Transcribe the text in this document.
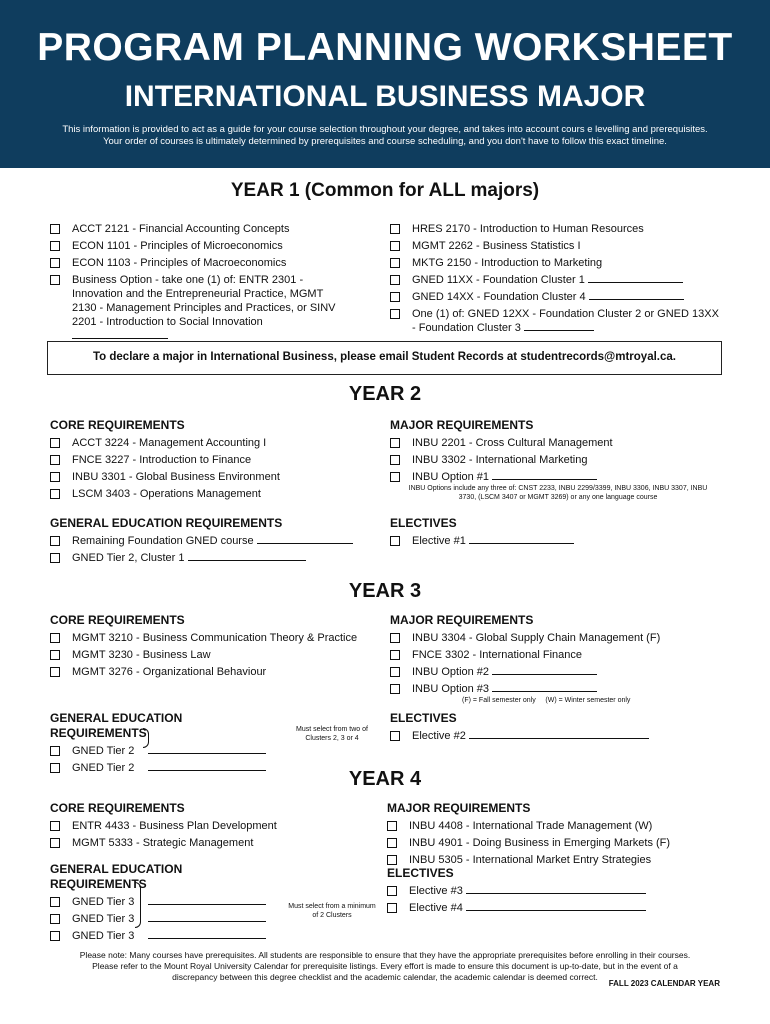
PROGRAM PLANNING WORKSHEET
INTERNATIONAL BUSINESS MAJOR
This information is provided to act as a guide for your course selection throughout your degree, and takes into account cours e levelling and prerequisites.
Your order of courses is ultimately determined by prerequisites and course scheduling, and you don't have to follow this exact timeline.
YEAR 1 (Common for ALL majors)
ACCT 2121 - Financial Accounting Concepts
ECON 1101 - Principles of Microeconomics
ECON 1103 - Principles of Macroeconomics
Business Option - take one (1) of: ENTR 2301 - Innovation and the Entrepreneurial Practice, MGMT 2130 - Management Principles and Practices, or SINV 2201 - Introduction to Social Innovation
HRES 2170 - Introduction to Human Resources
MGMT 2262 - Business Statistics I
MKTG 2150 - Introduction to Marketing
GNED 11XX - Foundation Cluster 1
GNED 14XX - Foundation Cluster 4
One (1) of: GNED 12XX - Foundation Cluster 2 or GNED 13XX - Foundation Cluster 3
To declare a major in International Business, please email Student Records at studentrecords@mtroyal.ca.
YEAR 2
CORE REQUIREMENTS
ACCT 3224 - Management Accounting I
FNCE 3227 - Introduction to Finance
INBU 3301 - Global Business Environment
LSCM 3403 - Operations Management
MAJOR REQUIREMENTS
INBU 2201 - Cross Cultural Management
INBU 3302 - International Marketing
INBU Option #1
INBU Options include any three of: CNST 2233, INBU 2299/3399, INBU 3306, INBU 3307, INBU 3730, (LSCM 3407 or MGMT 3269) or any one language course
GENERAL EDUCATION REQUIREMENTS
Remaining Foundation GNED course
GNED Tier 2, Cluster 1
ELECTIVES
Elective #1
YEAR 3
CORE REQUIREMENTS
MGMT 3210 - Business Communication Theory & Practice
MGMT 3230 - Business Law
MGMT 3276 - Organizational Behaviour
MAJOR REQUIREMENTS
INBU 3304 - Global Supply Chain Management (F)
FNCE 3302 - International Finance
INBU Option #2
INBU Option #3
(F) = Fall semester only     (W) = Winter semester only
GENERAL EDUCATION REQUIREMENTS
GNED Tier 2
GNED Tier 2
Must select from two of Clusters 2, 3 or 4
ELECTIVES
Elective #2
YEAR 4
CORE REQUIREMENTS
ENTR 4433 - Business Plan Development
MGMT 5333 - Strategic Management
MAJOR REQUIREMENTS
INBU 4408 - International Trade Management (W)
INBU 4901 - Doing Business in Emerging Markets (F)
INBU 5305 - International Market Entry Strategies
GENERAL EDUCATION REQUIREMENTS
GNED Tier 3
GNED Tier 3
GNED Tier 3
Must select from a minimum of 2 Clusters
ELECTIVES
Elective #3
Elective #4
Please note: Many courses have prerequisites. All students are responsible to ensure that they have the appropriate prerequisites before enrolling in their courses.
Please refer to the Mount Royal University Calendar for prerequisite listings. Every effort is made to ensure this document is up-to-date, but in the event of a
discrepancy between this degree checklist and the academic calendar, the academic calendar is deemed correct.
FALL 2023 CALENDAR YEAR
